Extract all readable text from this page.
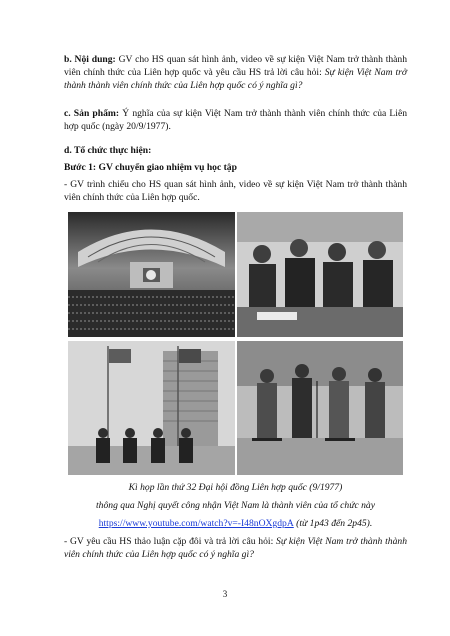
b. Nội dung: GV cho HS quan sát hình ảnh, video về sự kiện Việt Nam trở thành thành viên chính thức của Liên hợp quốc và yêu cầu HS trả lời câu hỏi: Sự kiện Việt Nam trở thành thành viên chính thức của Liên hợp quốc có ý nghĩa gì?

c. Sản phẩm: Ý nghĩa của sự kiện Việt Nam trở thành thành viên chính thức của Liên hợp quốc (ngày 20/9/1977).

d. Tổ chức thực hiện:

Bước 1: GV chuyển giao nhiệm vụ học tập

- GV trình chiếu cho HS quan sát hình ảnh, video về sự kiện Việt Nam trở thành thành viên chính thức của Liên hợp quốc.

Kì họp lần thứ 32 Đại hội đồng Liên hợp quốc (9/1977)

thông qua Nghị quyết công nhận Việt Nam là thành viên của tổ chức này

https://www.youtube.com/watch?v=-I48nOXgdpA (từ 1p43 đến 2p45).

- GV yêu cầu HS thảo luận cặp đôi và trả lời câu hỏi: Sự kiện Việt Nam trở thành thành viên chính thức của Liên hợp quốc có ý nghĩa gì?

3
